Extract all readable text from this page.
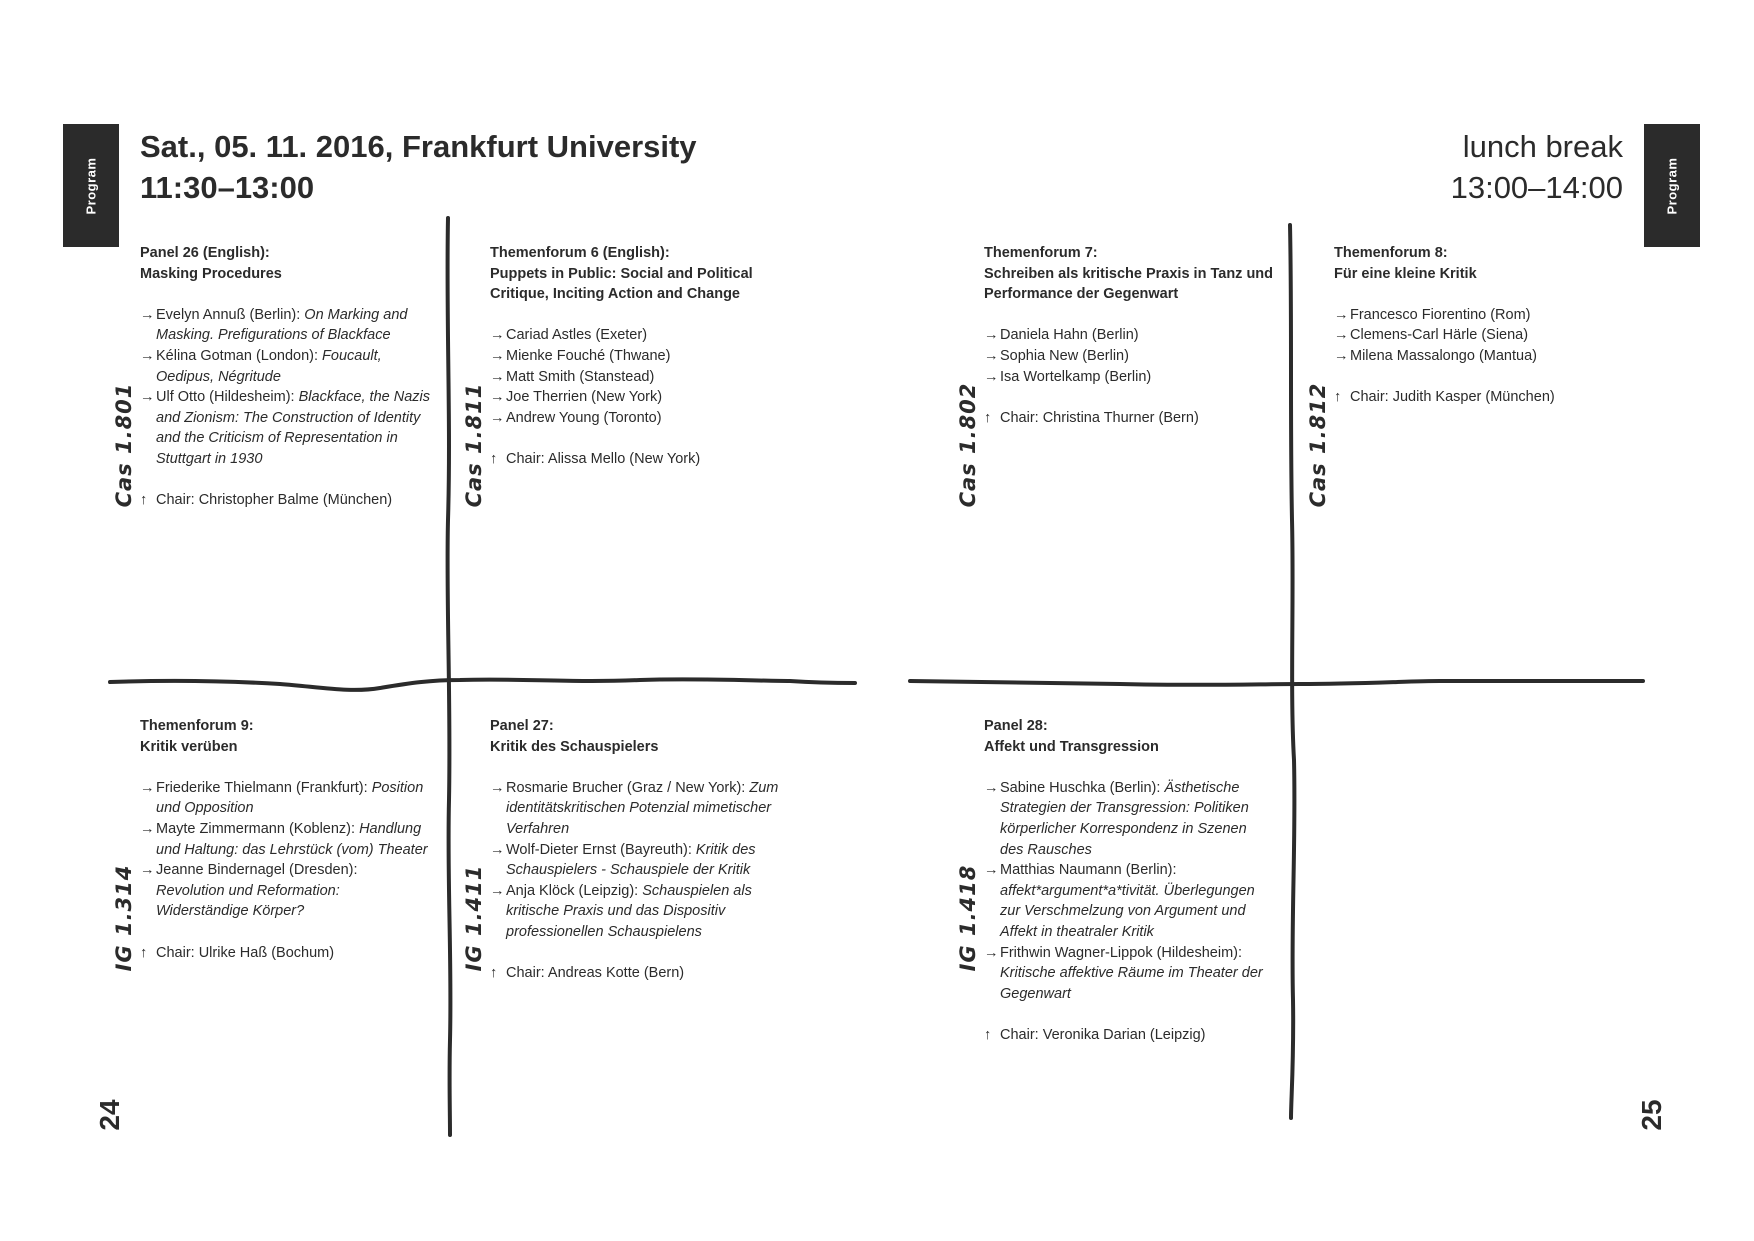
Program	Program
Sat., 05. 11. 2016, Frankfurt University
11:30–13:00
lunch break
13:00–14:00
Cas 1.801	Cas 1.811	Cas 1.802	Cas 1.812
IG 1.314	IG 1.411	IG 1.418
Panel 26 (English):
Masking Procedures
→ Evelyn Annuß (Berlin): On Marking and Masking. Prefigurations of Blackface
→ Kélina Gotman (London): Foucault, Oedipus, Négritude
→ Ulf Otto (Hildesheim): Blackface, the Nazis and Zionism: The Construction of Identity and the Criticism of Representation in Stuttgart in 1930
↑ Chair: Christopher Balme (München)
Themenforum 6 (English):
Puppets in Public: Social and Political Critique, Inciting Action and Change
→ Cariad Astles (Exeter)
→ Mienke Fouché (Thwane)
→ Matt Smith (Stanstead)
→ Joe Therrien (New York)
→ Andrew Young (Toronto)
↑ Chair: Alissa Mello (New York)
Themenforum 7:
Schreiben als kritische Praxis in Tanz und Performance der Gegenwart
→ Daniela Hahn (Berlin)
→ Sophia New (Berlin)
→ Isa Wortelkamp (Berlin)
↑ Chair: Christina Thurner (Bern)
Themenforum 8:
Für eine kleine Kritik
→ Francesco Fiorentino (Rom)
→ Clemens-Carl Härle (Siena)
→ Milena Massalongo (Mantua)
↑ Chair: Judith Kasper (München)
Themenforum 9:
Kritik verüben
→ Friederike Thielmann (Frankfurt): Position und Opposition
→ Mayte Zimmermann (Koblenz): Handlung und Haltung: das Lehrstück (vom) Theater
→ Jeanne Bindernagel (Dresden): Revolution und Reformation: Widerständige Körper?
↑ Chair: Ulrike Haß (Bochum)
Panel 27:
Kritik des Schauspielers
→ Rosmarie Brucher (Graz / New York): Zum identitätskritischen Potenzial mimetischer Verfahren
→ Wolf-Dieter Ernst (Bayreuth): Kritik des Schauspielers - Schauspiele der Kritik
→ Anja Klöck (Leipzig): Schauspielen als kritische Praxis und das Dispositiv professionellen Schauspielens
↑ Chair: Andreas Kotte (Bern)
Panel 28:
Affekt und Transgression
→ Sabine Huschka (Berlin): Ästhetische Strategien der Transgression: Politiken körperlicher Korrespondenz in Szenen des Rausches
→ Matthias Naumann (Berlin): affekt*argument*a*tivität. Überlegungen zur Verschmelzung von Argument und Affekt in theatraler Kritik
→ Frithwin Wagner-Lippok (Hildesheim): Kritische affektive Räume im Theater der Gegenwart
↑ Chair: Veronika Darian (Leipzig)
24	25
